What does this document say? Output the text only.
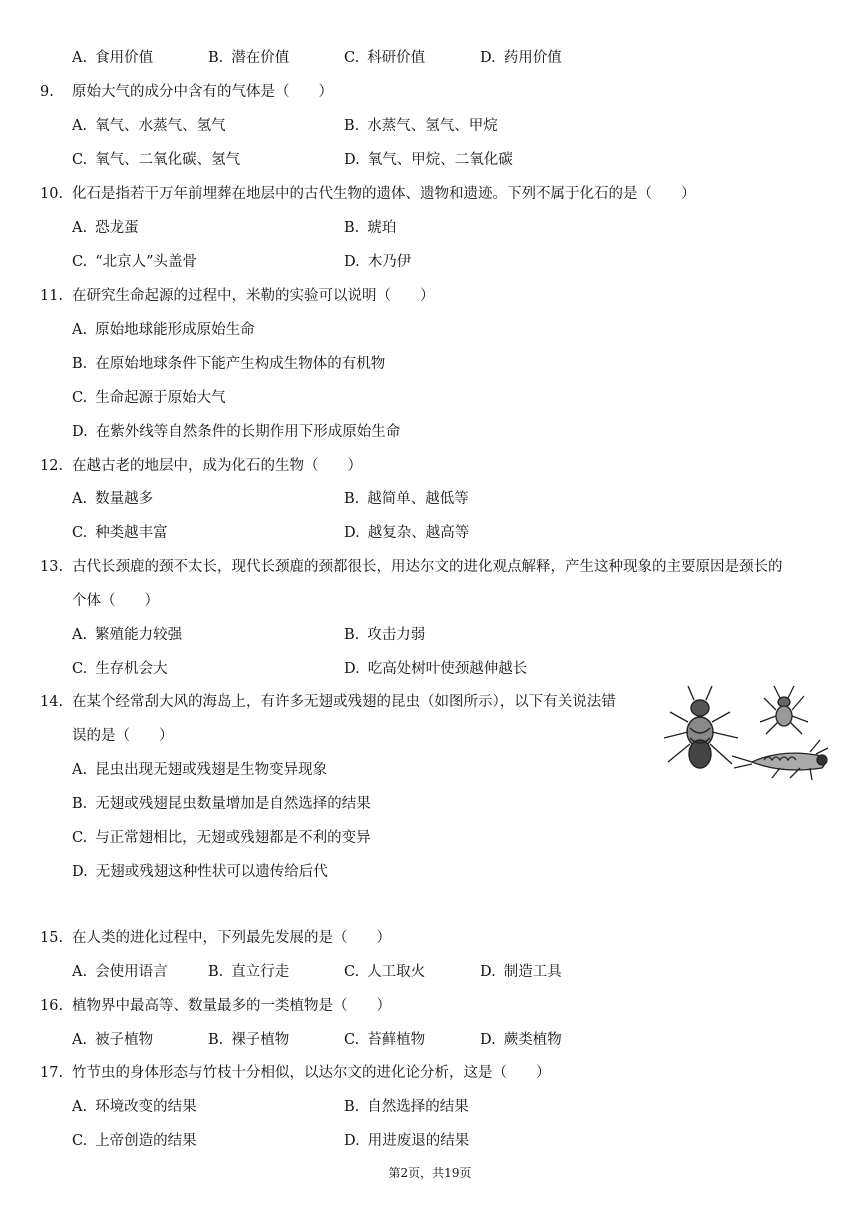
A. 食用价值	B. 潜在价值	C. 科研价值	D. 药用价值
9.	原始大气的成分中含有的气体是（　　）
A. 氧气、水蒸气、氢气	B. 水蒸气、氢气、甲烷
C. 氧气、二氧化碳、氢气	D. 氧气、甲烷、二氧化碳
10. 化石是指若干万年前埋葬在地层中的古代生物的遗体、遗物和遗迹。下列不属于化石的是（　　）
A. 恐龙蛋	B. 琥珀
C. “北京人”头盖骨	D. 木乃伊
11. 在研究生命起源的过程中，米勒的实验可以说明（　　）
A. 原始地球能形成原始生命
B. 在原始地球条件下能产生构成生物体的有机物
C. 生命起源于原始大气
D. 在紫外线等自然条件的长期作用下形成原始生命
12. 在越古老的地层中，成为化石的生物（　　）
A. 数量越多	B. 越简单、越低等
C. 种类越丰富	D. 越复杂、越高等
13. 古代长颈鹿的颈不太长，现代长颈鹿的颈都很长，用达尔文的进化观点解释，产生这种现象的主要原因是颈长的
个体（　　）
A. 繁殖能力较强	B. 攻击力弱
C. 生存机会大	D. 吃高处树叶使颈越伸越长
14. 在某个经常刮大风的海岛上，有许多无翅或残翅的昆虫（如图所示），以下有关说法错
误的是（　　）
A. 昆虫出现无翅或残翅是生物变异现象
B. 无翅或残翅昆虫数量增加是自然选择的结果
C. 与正常翅相比，无翅或残翅都是不利的变异
D. 无翅或残翅这种性状可以遗传给后代
15. 在人类的进化过程中，下列最先发展的是（　　）
A. 会使用语言	B. 直立行走	C. 人工取火	D. 制造工具
16. 植物界中最高等、数量最多的一类植物是（　　）
A. 被子植物	B. 裸子植物	C. 苔藓植物	D. 蕨类植物
17. 竹节虫的身体形态与竹枝十分相似，以达尔文的进化论分析，这是（　　）
A. 环境改变的结果	B. 自然选择的结果
C. 上帝创造的结果	D. 用进废退的结果
第2页，共19页
